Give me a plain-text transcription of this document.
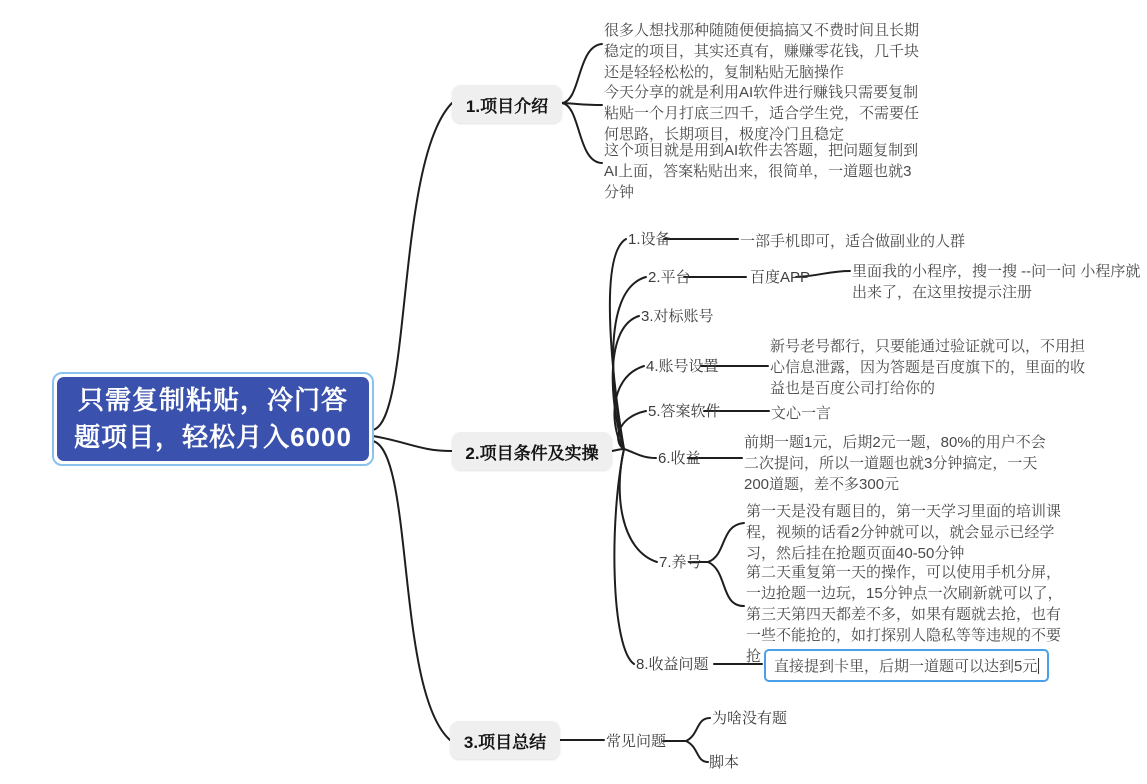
只需复制粘贴，冷门答题项目，轻松月入6000
1.项目介绍
2.项目条件及实操
3.项目总结
很多人想找那种随随便便搞搞又不费时间且长期稳定的项目，其实还真有，赚赚零花钱，几千块还是轻轻松松的，复制粘贴无脑操作
今天分享的就是利用AI软件进行赚钱只需要复制粘贴一个月打底三四千，适合学生党，不需要任何思路，长期项目，极度冷门且稳定
这个项目就是用到AI软件去答题，把问题复制到AI上面，答案粘贴出来，很简单，一道题也就3分钟
1.设备	一部手机即可，适合做副业的人群
2.平台	百度APP	里面我的小程序，搜一搜 --问一问 小程序就出来了，在这里按提示注册
3.对标账号
4.账号设置
新号老号都行，只要能通过验证就可以，不用担心信息泄露，因为答题是百度旗下的，里面的收益也是百度公司打给你的
5.答案软件	文心一言
6.收益
前期一题1元，后期2元一题，80%的用户不会二次提问，所以一道题也就3分钟搞定，一天200道题，差不多300元
7.养号
第一天是没有题目的，第一天学习里面的培训课程，视频的话看2分钟就可以，就会显示已经学习，然后挂在抢题页面40-50分钟
第二天重复第一天的操作，可以使用手机分屏，一边抢题一边玩，15分钟点一次刷新就可以了，第三天第四天都差不多，如果有题就去抢，也有一些不能抢的，如打探别人隐私等等违规的不要抢
8.收益问题	直接提到卡里，后期一道题可以达到5元
常见问题
为啥没有题
脚本
